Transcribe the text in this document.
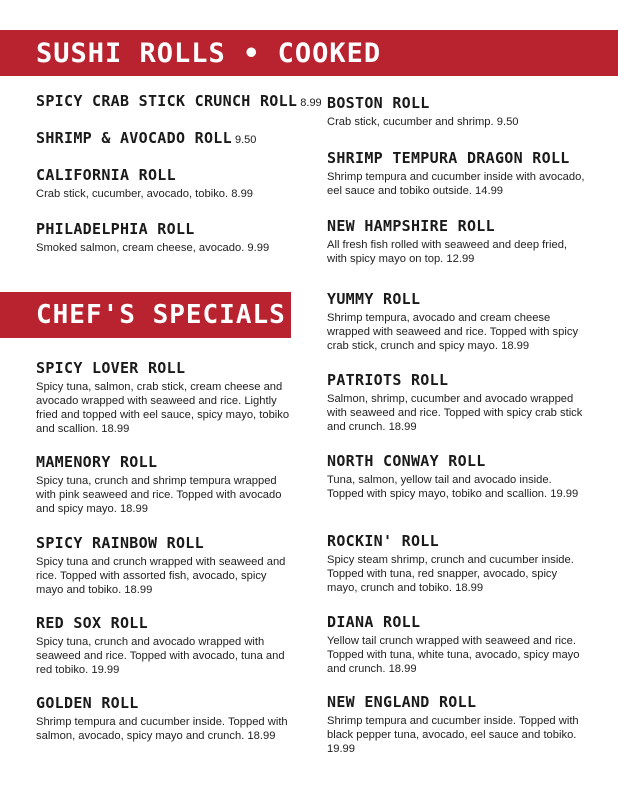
SUSHI ROLLS • COOKED
CHEF'S SPECIALS
SPICY CRAB STICK CRUNCH ROLL 8.99
SHRIMP & AVOCADO ROLL 9.50
CALIFORNIA ROLL
Crab stick, cucumber, avocado, tobiko. 8.99
PHILADELPHIA ROLL
Smoked salmon, cream cheese, avocado. 9.99
SPICY LOVER ROLL
Spicy tuna, salmon, crab stick, cream cheese and avocado wrapped with seaweed and rice. Lightly fried and topped with eel sauce, spicy mayo, tobiko and scallion. 18.99
MAMENORY ROLL
Spicy tuna, crunch and shrimp tempura wrapped with pink seaweed and rice. Topped with avocado and spicy mayo. 18.99
SPICY RAINBOW ROLL
Spicy tuna and crunch wrapped with seaweed and rice. Topped with assorted fish, avocado, spicy mayo and tobiko. 18.99
RED SOX ROLL
Spicy tuna, crunch and avocado wrapped with seaweed and rice. Topped with avocado, tuna and red tobiko. 19.99
GOLDEN ROLL
Shrimp tempura and cucumber inside. Topped with salmon, avocado, spicy mayo and crunch. 18.99
BOSTON ROLL
Crab stick, cucumber and shrimp. 9.50
SHRIMP TEMPURA DRAGON ROLL
Shrimp tempura and cucumber inside with avocado, eel sauce and tobiko outside. 14.99
NEW HAMPSHIRE ROLL
All fresh fish rolled with seaweed and deep fried, with spicy mayo on top. 12.99
YUMMY ROLL
Shrimp tempura, avocado and cream cheese wrapped with seaweed and rice. Topped with spicy crab stick, crunch and spicy mayo. 18.99
PATRIOTS ROLL
Salmon, shrimp, cucumber and avocado wrapped with seaweed and rice. Topped with spicy crab stick and crunch. 18.99
NORTH CONWAY ROLL
Tuna, salmon, yellow tail and avocado inside. Topped with spicy mayo, tobiko and scallion. 19.99
ROCKIN' ROLL
Spicy steam shrimp, crunch and cucumber inside. Topped with tuna, red snapper, avocado, spicy mayo, crunch and tobiko. 18.99
DIANA ROLL
Yellow tail crunch wrapped with seaweed and rice. Topped with tuna, white tuna, avocado, spicy mayo and crunch. 18.99
NEW ENGLAND ROLL
Shrimp tempura and cucumber inside. Topped with black pepper tuna, avocado, eel sauce and tobiko. 19.99
